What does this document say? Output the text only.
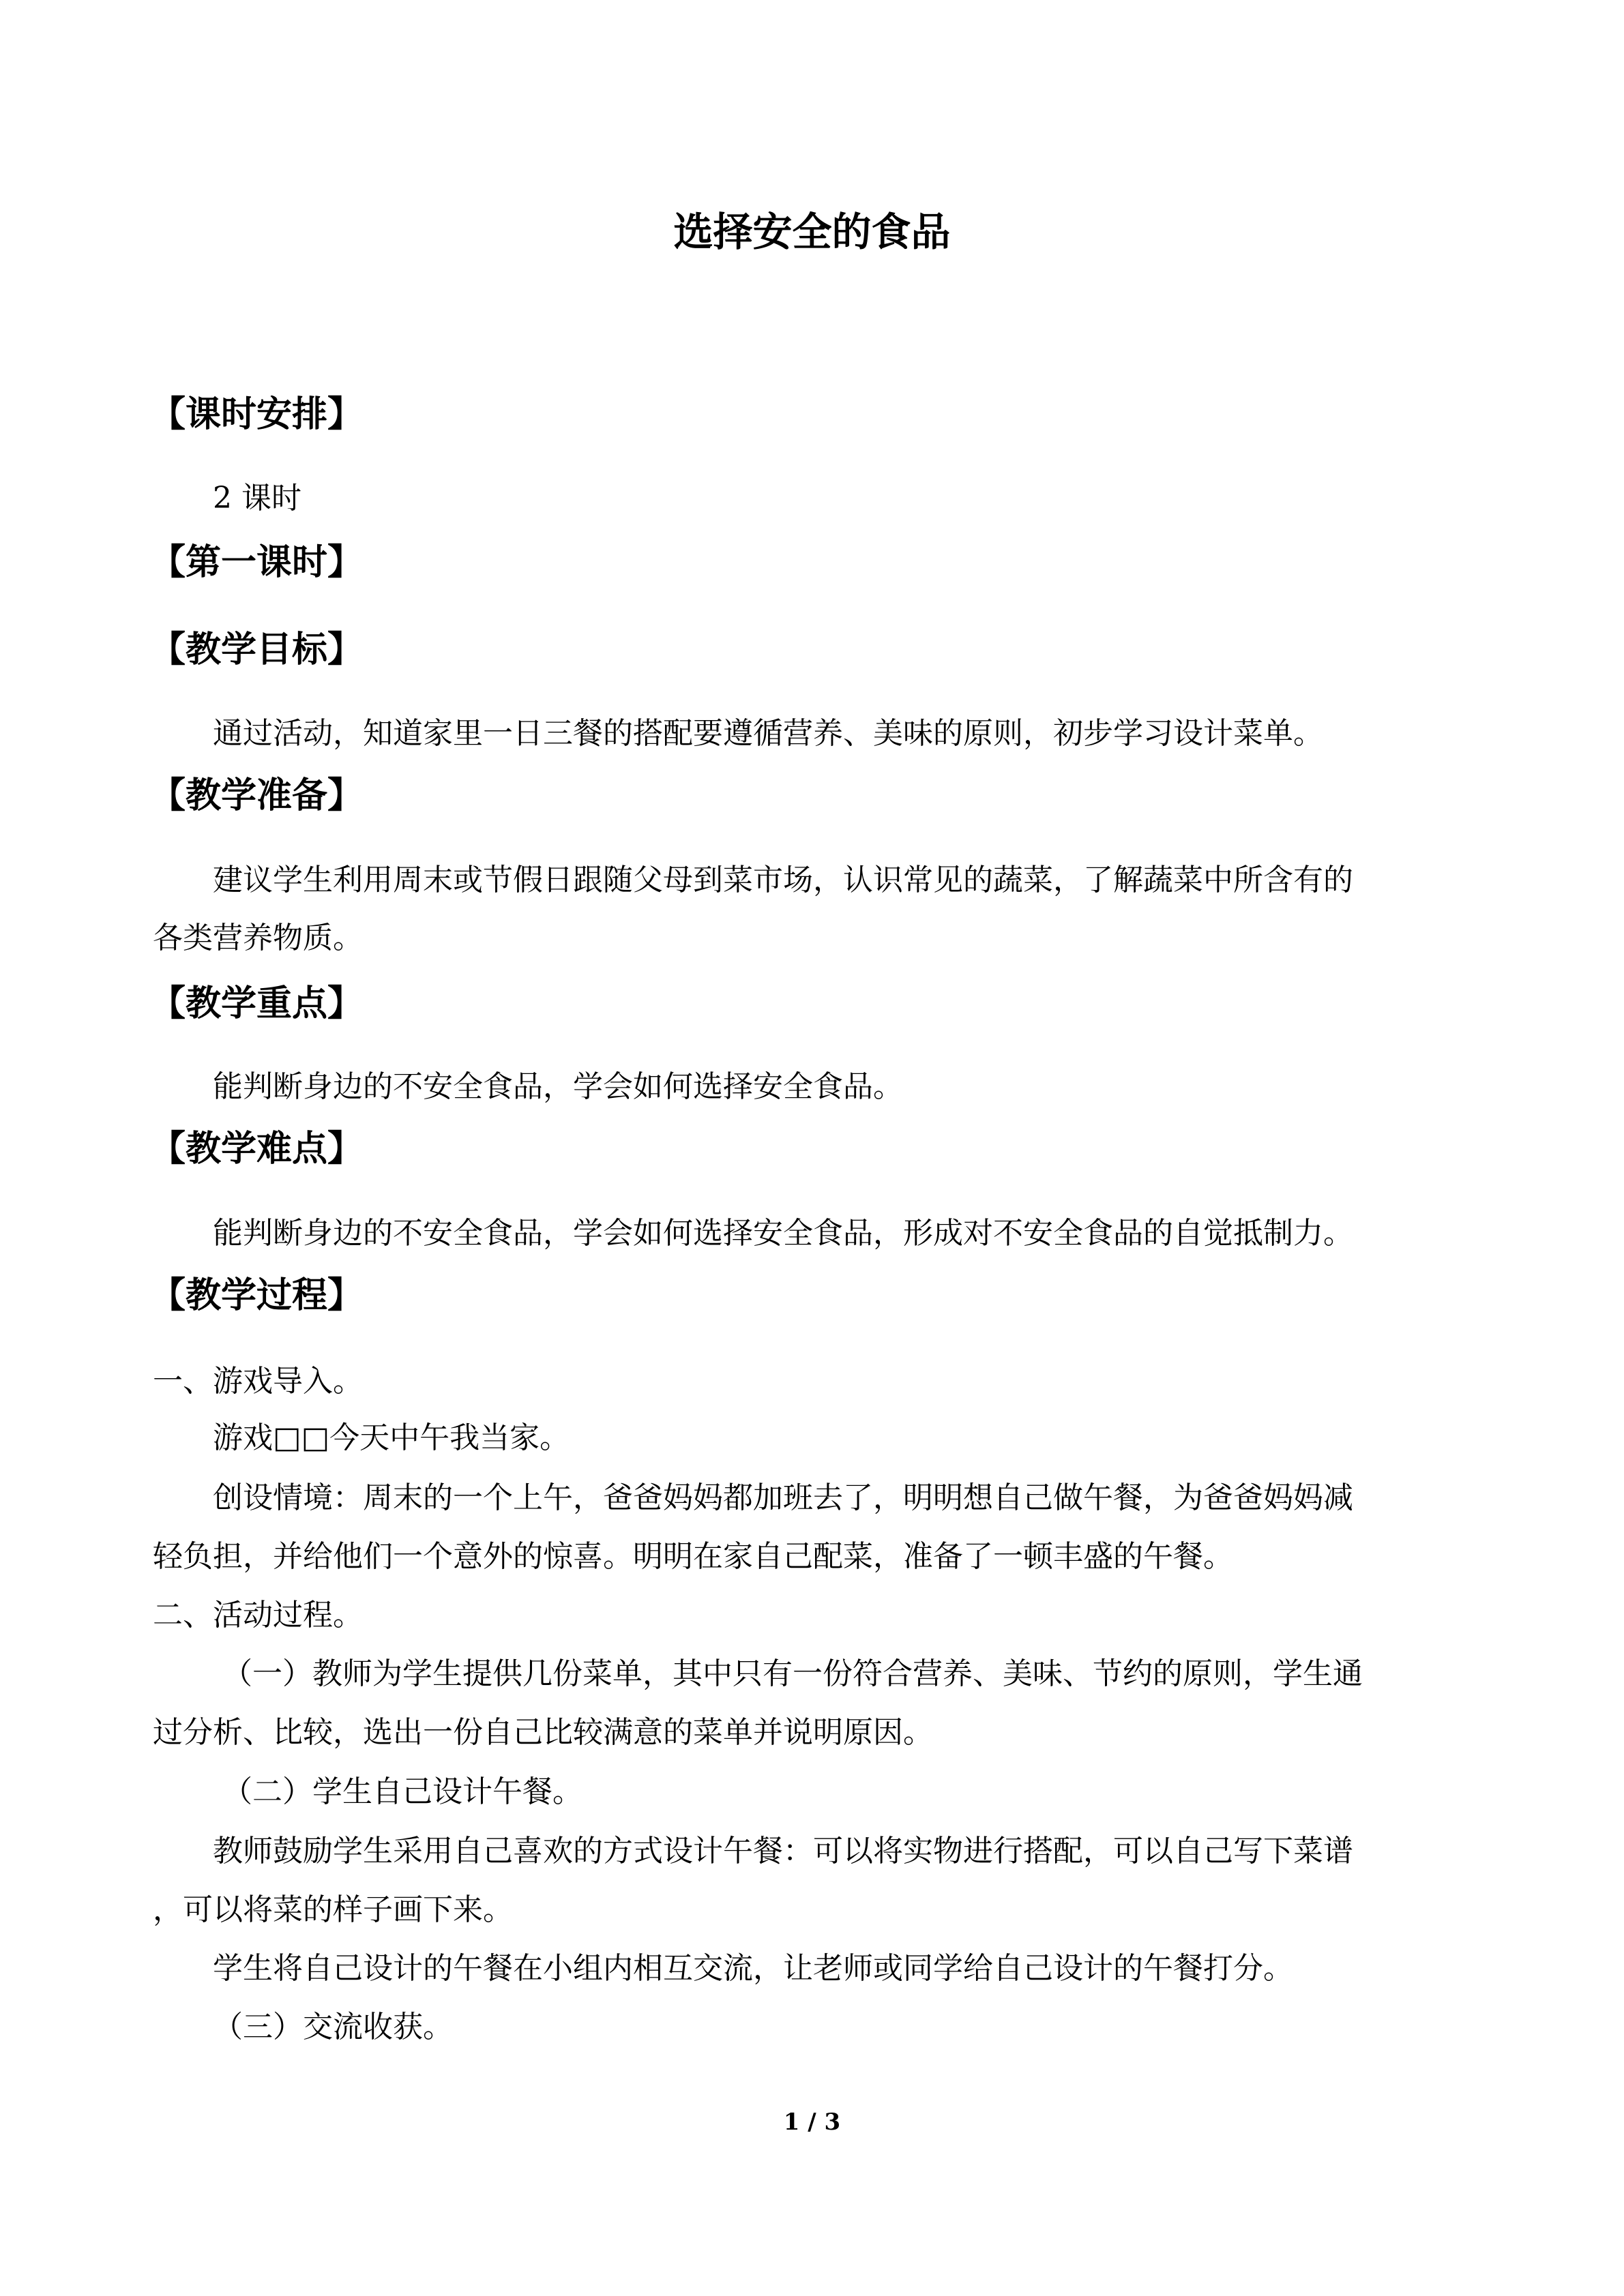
选择安全的食品
【课时安排】
2 课时
【第一课时】
【教学目标】
通过活动，知道家里一日三餐的搭配要遵循营养、美味的原则，初步学习设计菜单。
【教学准备】
建议学生利用周末或节假日跟随父母到菜市场，认识常见的蔬菜，了解蔬菜中所含有的
各类营养物质。
【教学重点】
能判断身边的不安全食品，学会如何选择安全食品。
【教学难点】
能判断身边的不安全食品，学会如何选择安全食品，形成对不安全食品的自觉抵制力。
【教学过程】
一、游戏导入。
游戏□□今天中午我当家。
创设情境：周末的一个上午，爸爸妈妈都加班去了，明明想自己做午餐，为爸爸妈妈减
轻负担，并给他们一个意外的惊喜。明明在家自己配菜，准备了一顿丰盛的午餐。
二、活动过程。
（一）教师为学生提供几份菜单，其中只有一份符合营养、美味、节约的原则，学生通
过分析、比较，选出一份自己比较满意的菜单并说明原因。
（二）学生自己设计午餐。
教师鼓励学生采用自己喜欢的方式设计午餐：可以将实物进行搭配，可以自己写下菜谱
，可以将菜的样子画下来。
学生将自己设计的午餐在小组内相互交流，让老师或同学给自己设计的午餐打分。
（三）交流收获。
1 / 3
